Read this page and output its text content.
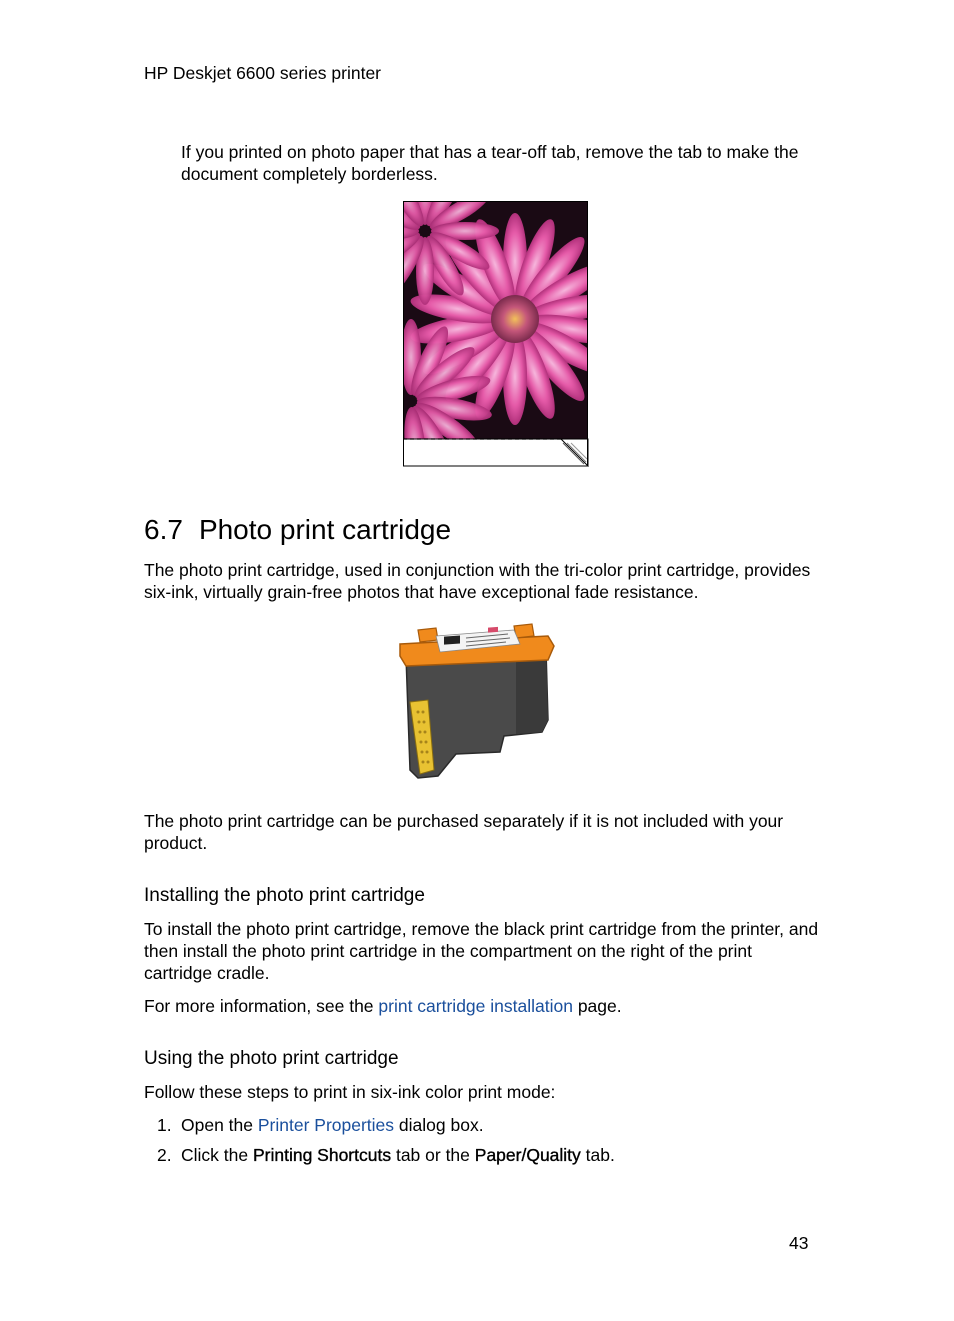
HP Deskjet 6600 series printer

If you printed on photo paper that has a tear-off tab, remove the tab to make the document completely borderless.

6.7 Photo print cartridge

The photo print cartridge, used in conjunction with the tri-color print cartridge, provides six-ink, virtually grain-free photos that have exceptional fade resistance.

The photo print cartridge can be purchased separately if it is not included with your product.

Installing the photo print cartridge

To install the photo print cartridge, remove the black print cartridge from the printer, and then install the photo print cartridge in the compartment on the right of the print cartridge cradle.

For more information, see the print cartridge installation page.

Using the photo print cartridge

Follow these steps to print in six-ink color print mode:

1. Open the Printer Properties dialog box.
2. Click the Printing Shortcuts tab or the Paper/Quality tab.
43
